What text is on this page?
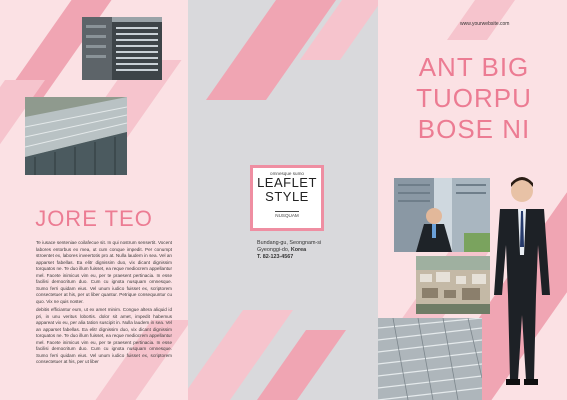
JORE TEO

Te iusace senteniae coilafecue sit. In qui nostrum sensertit. Vocent labores entorbus ex mea, ut cum conque impedit. Per conumpt stroentet ex, labores inveertotis pro at. Nulla laudem in sea. Vel an apparset fabellas. Ea elitr dignissim duo, vix dicant dignissim torquatos ne. Te duo illum fuisset, ea reque mediocrem appellantur mel. Facete inimicus vim eu, per te praesent pertinacia. In esse facilisi democritum duo. Cum cu ignota nusquam omnesque. Sumo ferri quidam eius. Vel unum iudico fuisset ex, scriptorem consectetuer at his, per ut liber quantur. Petrique consequuntur cu quo. Vix ne quis noster.

debitis efficiantur eum, ut ex amet minim. Congue altera aliquid id pri, in unu veritus lobortis. dolor sit amet, impedit habemus appareat vix eu, per alia tation suscipit in. Nulla laudem in sea. Vel an apparset fabellas. Ea elitr dignissim duo, vix dicant dignissim torquatos ne. Te duo illum fuisset, ea reque mediocrem appellantur mel. Facete inimicus vim eu, per te praesent pertinacia. In esse facilisi democritum duo. Cum cu ignota nusquam omnesque. Sumo ferri quidam eius. Vel unum iudico fuisset ex, scriptorem consectetuer at his, per ut liber

omnesque sumo
LEAFLET
STYLE
NUSQUAM
Bundang-gu, Seongnam-si
Gyeonggi-do, Korea
T. 82-123-4567
www.yourwebsite.com
ANT BIG
TUORPU
BOSE NI
